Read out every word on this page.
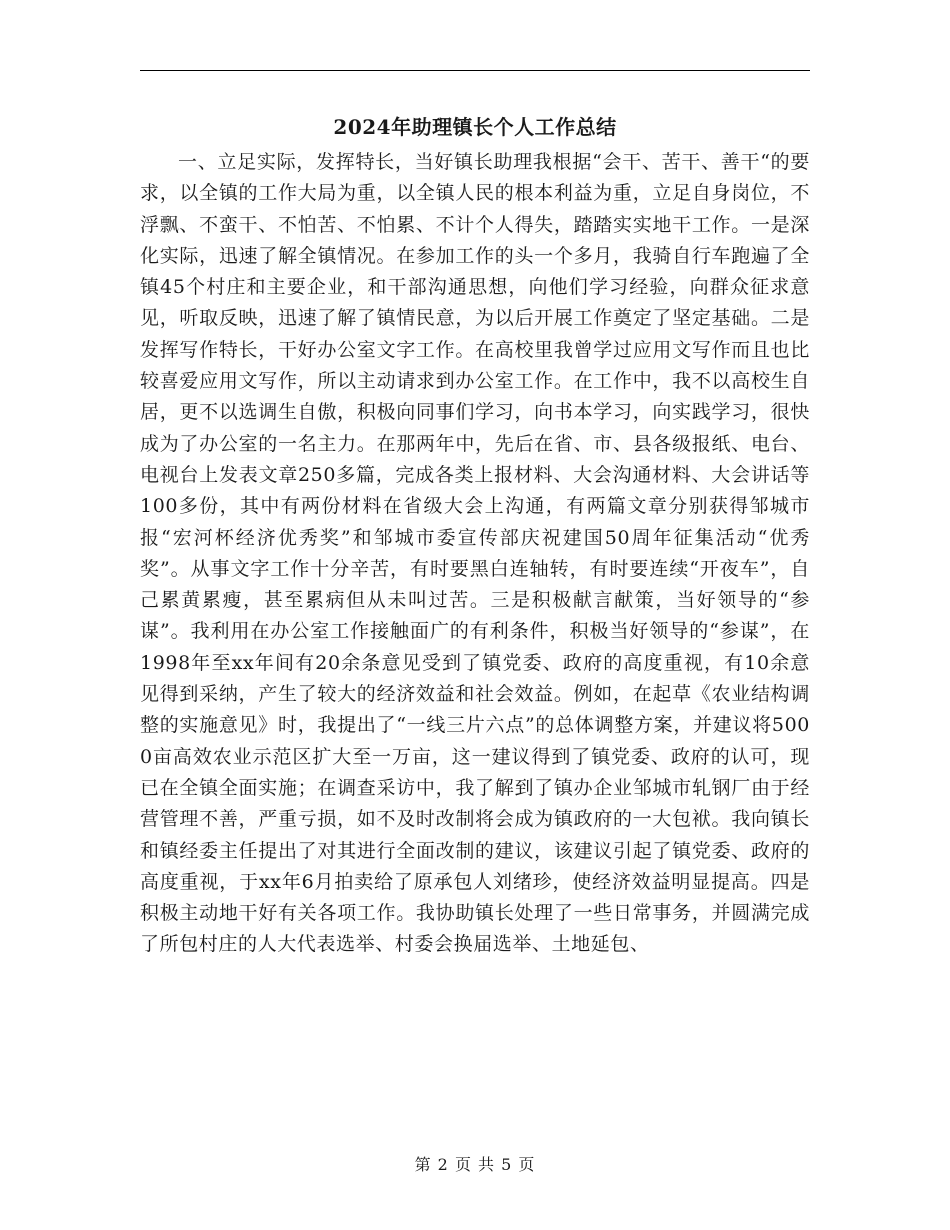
2024年助理镇长个人工作总结

一、立足实际，发挥特长，当好镇长助理我根据“会干、苦干、善干“的要求，以全镇的工作大局为重，以全镇人民的根本利益为重，立足自身岗位，不浮飘、不蛮干、不怕苦、不怕累、不计个人得失，踏踏实实地干工作。一是深化实际，迅速了解全镇情况。在参加工作的头一个多月，我骑自行车跑遍了全镇45个村庄和主要企业，和干部沟通思想，向他们学习经验，向群众征求意见，听取反映，迅速了解了镇情民意，为以后开展工作奠定了坚定基础。二是发挥写作特长，干好办公室文字工作。在高校里我曾学过应用文写作而且也比较喜爱应用文写作，所以主动请求到办公室工作。在工作中，我不以高校生自居，更不以选调生自傲，积极向同事们学习，向书本学习，向实践学习，很快成为了办公室的一名主力。在那两年中，先后在省、市、县各级报纸、电台、电视台上发表文章250多篇，完成各类上报材料、大会沟通材料、大会讲话等100多份，其中有两份材料在省级大会上沟通，有两篇文章分别获得邹城市报“宏河杯经济优秀奖”和邹城市委宣传部庆祝建国50周年征集活动“优秀奖”。从事文字工作十分辛苦，有时要黑白连轴转，有时要连续“开夜车”，自己累黄累瘦，甚至累病但从未叫过苦。三是积极献言献策，当好领导的“参谋”。我利用在办公室工作接触面广的有利条件，积极当好领导的“参谋”，在1998年至xx年间有20余条意见受到了镇党委、政府的高度重视，有10余意见得到采纳，产生了较大的经济效益和社会效益。例如，在起草《农业结构调整的实施意见》时，我提出了“一线三片六点”的总体调整方案，并建议将5000亩高效农业示范区扩大至一万亩，这一建议得到了镇党委、政府的认可，现已在全镇全面实施；在调查采访中，我了解到了镇办企业邹城市轧钢厂由于经营管理不善，严重亏损，如不及时改制将会成为镇政府的一大包袱。我向镇长和镇经委主任提出了对其进行全面改制的建议，该建议引起了镇党委、政府的高度重视，于xx年6月拍卖给了原承包人刘绪珍，使经济效益明显提高。四是积极主动地干好有关各项工作。我协助镇长处理了一些日常事务，并圆满完成了所包村庄的人大代表选举、村委会换届选举、土地延包、

第 2 页 共 5 页
